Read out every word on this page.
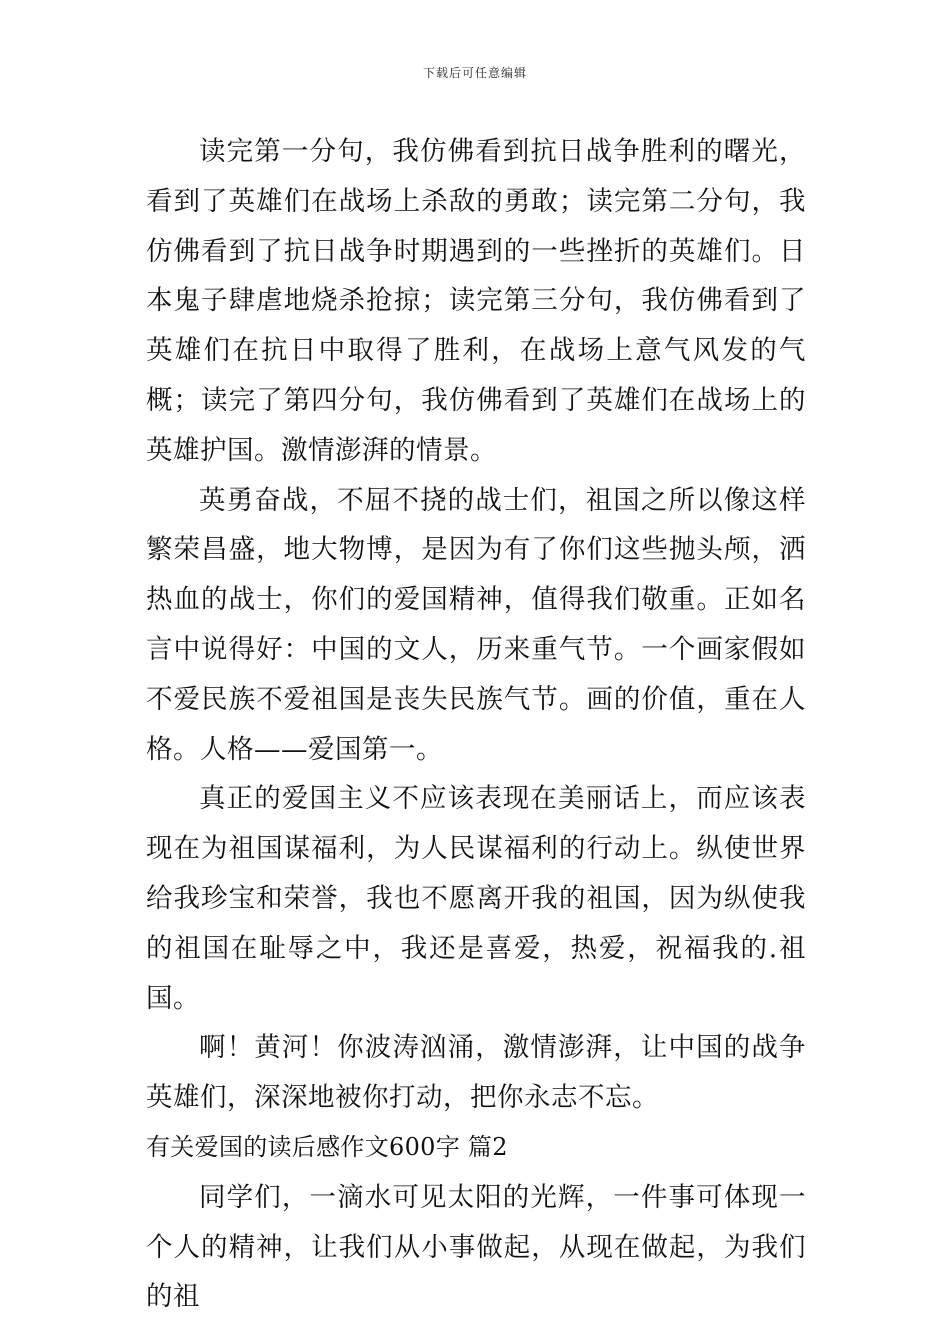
下载后可任意编辑

读完第一分句，我仿佛看到抗日战争胜利的曙光，看到了英雄们在战场上杀敌的勇敢；读完第二分句，我仿佛看到了抗日战争时期遇到的一些挫折的英雄们。日本鬼子肆虐地烧杀抢掠；读完第三分句，我仿佛看到了英雄们在抗日中取得了胜利，在战场上意气风发的气概；读完了第四分句，我仿佛看到了英雄们在战场上的英雄护国。激情澎湃的情景。

英勇奋战，不屈不挠的战士们，祖国之所以像这样繁荣昌盛，地大物博，是因为有了你们这些抛头颅，洒热血的战士，你们的爱国精神，值得我们敬重。正如名言中说得好：中国的文人，历来重气节。一个画家假如不爱民族不爱祖国是丧失民族气节。画的价值，重在人格。人格——爱国第一。

真正的爱国主义不应该表现在美丽话上，而应该表现在为祖国谋福利，为人民谋福利的行动上。纵使世界给我珍宝和荣誉，我也不愿离开我的祖国，因为纵使我的祖国在耻辱之中，我还是喜爱，热爱，祝福我的.祖国。

啊！黄河！你波涛汹涌，激情澎湃，让中国的战争英雄们，深深地被你打动，把你永志不忘。

有关爱国的读后感作文600字 篇2

同学们，一滴水可见太阳的光辉，一件事可体现一个人的精神，让我们从小事做起，从现在做起，为我们的祖
